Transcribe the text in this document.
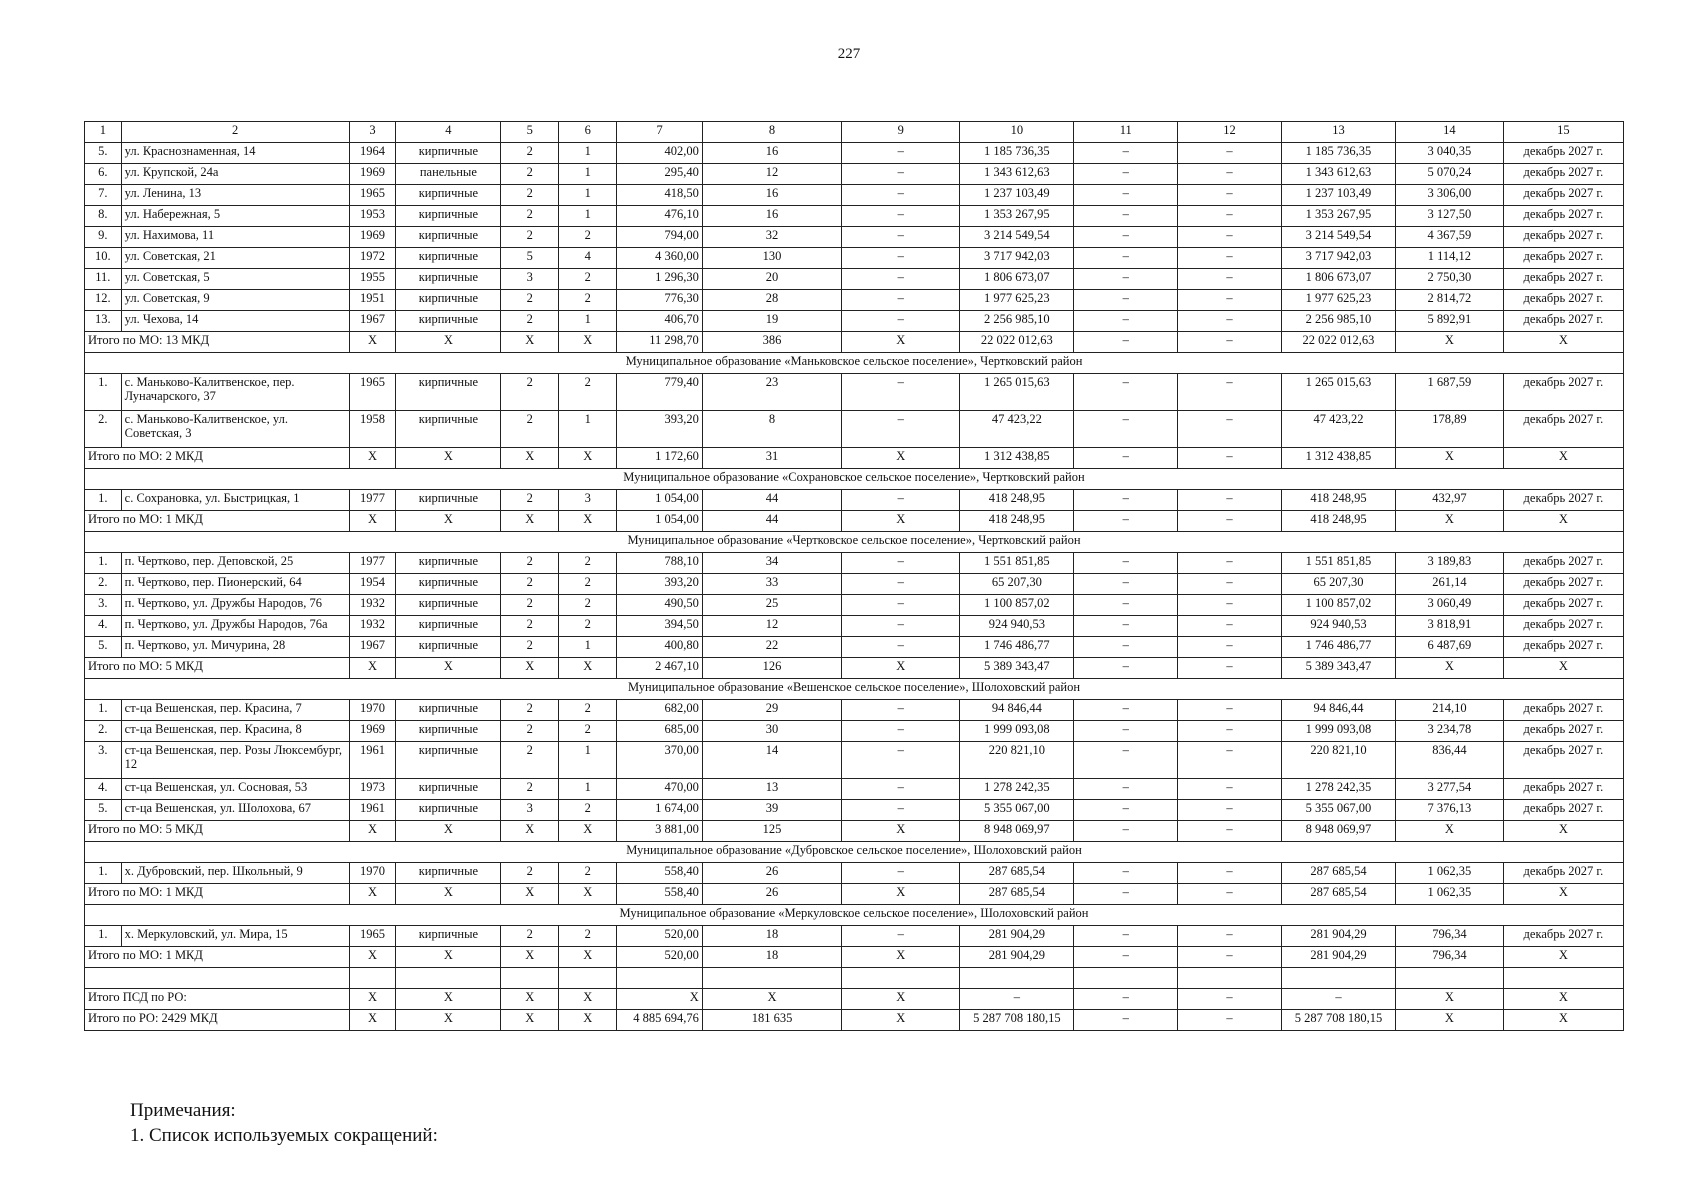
227
1	2	3	4	5	6	7	8	9	10	11	12	13	14	15
5.	ул. Краснознаменная, 14	1964	кирпичные	2	1	402,00	16	–	1 185 736,35	–	–	1 185 736,35	3 040,35	декабрь 2027 г.
6.	ул. Крупской, 24а	1969	панельные	2	1	295,40	12	–	1 343 612,63	–	–	1 343 612,63	5 070,24	декабрь 2027 г.
7.	ул. Ленина, 13	1965	кирпичные	2	1	418,50	16	–	1 237 103,49	–	–	1 237 103,49	3 306,00	декабрь 2027 г.
8.	ул. Набережная, 5	1953	кирпичные	2	1	476,10	16	–	1 353 267,95	–	–	1 353 267,95	3 127,50	декабрь 2027 г.
9.	ул. Нахимова, 11	1969	кирпичные	2	2	794,00	32	–	3 214 549,54	–	–	3 214 549,54	4 367,59	декабрь 2027 г.
10.	ул. Советская, 21	1972	кирпичные	5	4	4 360,00	130	–	3 717 942,03	–	–	3 717 942,03	1 114,12	декабрь 2027 г.
11.	ул. Советская, 5	1955	кирпичные	3	2	1 296,30	20	–	1 806 673,07	–	–	1 806 673,07	2 750,30	декабрь 2027 г.
12.	ул. Советская, 9	1951	кирпичные	2	2	776,30	28	–	1 977 625,23	–	–	1 977 625,23	2 814,72	декабрь 2027 г.
13.	ул. Чехова, 14	1967	кирпичные	2	1	406,70	19	–	2 256 985,10	–	–	2 256 985,10	5 892,91	декабрь 2027 г.
Итого по МО: 13 МКД		X	X	X	X	11 298,70	386	X	22 022 012,63	–	–	22 022 012,63	X	X
Муниципальное образование «Маньковское сельское поселение», Чертковский район														
1.	с. Маньково-Калитвенское, пер. Луначарского, 37	1965	кирпичные	2	2	779,40	23	–	1 265 015,63	–	–	1 265 015,63	1 687,59	декабрь 2027 г.
2.	с. Маньково-Калитвенское, ул. Советская, 3	1958	кирпичные	2	1	393,20	8	–	47 423,22	–	–	47 423,22	178,89	декабрь 2027 г.
Итого по МО: 2 МКД		X	X	X	X	1 172,60	31	X	1 312 438,85	–	–	1 312 438,85	X	X
Муниципальное образование «Сохрановское сельское поселение», Чертковский район														
1.	с. Сохрановка, ул. Быстрицкая, 1	1977	кирпичные	2	3	1 054,00	44	–	418 248,95	–	–	418 248,95	432,97	декабрь 2027 г.
Итого по МО: 1 МКД		X	X	X	X	1 054,00	44	X	418 248,95	–	–	418 248,95	X	X
Муниципальное образование «Чертковское сельское поселение», Чертковский район														
1.	п. Чертково, пер. Деповской, 25	1977	кирпичные	2	2	788,10	34	–	1 551 851,85	–	–	1 551 851,85	3 189,83	декабрь 2027 г.
2.	п. Чертково, пер. Пионерский, 64	1954	кирпичные	2	2	393,20	33	–	65 207,30	–	–	65 207,30	261,14	декабрь 2027 г.
3.	п. Чертково, ул. Дружбы Народов, 76	1932	кирпичные	2	2	490,50	25	–	1 100 857,02	–	–	1 100 857,02	3 060,49	декабрь 2027 г.
4.	п. Чертково, ул. Дружбы Народов, 76а	1932	кирпичные	2	2	394,50	12	–	924 940,53	–	–	924 940,53	3 818,91	декабрь 2027 г.
5.	п. Чертково, ул. Мичурина, 28	1967	кирпичные	2	1	400,80	22	–	1 746 486,77	–	–	1 746 486,77	6 487,69	декабрь 2027 г.
Итого по МО: 5 МКД		X	X	X	X	2 467,10	126	X	5 389 343,47	–	–	5 389 343,47	X	X
Муниципальное образование «Вешенское сельское поселение», Шолоховский район														
1.	ст-ца Вешенская, пер. Красина, 7	1970	кирпичные	2	2	682,00	29	–	94 846,44	–	–	94 846,44	214,10	декабрь 2027 г.
2.	ст-ца Вешенская, пер. Красина, 8	1969	кирпичные	2	2	685,00	30	–	1 999 093,08	–	–	1 999 093,08	3 234,78	декабрь 2027 г.
3.	ст-ца Вешенская, пер. Розы Люксембург, 12	1961	кирпичные	2	1	370,00	14	–	220 821,10	–	–	220 821,10	836,44	декабрь 2027 г.
4.	ст-ца Вешенская, ул. Сосновая, 53	1973	кирпичные	2	1	470,00	13	–	1 278 242,35	–	–	1 278 242,35	3 277,54	декабрь 2027 г.
5.	ст-ца Вешенская, ул. Шолохова, 67	1961	кирпичные	3	2	1 674,00	39	–	5 355 067,00	–	–	5 355 067,00	7 376,13	декабрь 2027 г.
Итого по МО: 5 МКД		X	X	X	X	3 881,00	125	X	8 948 069,97	–	–	8 948 069,97	X	X
Муниципальное образование «Дубровское сельское поселение», Шолоховский район														
1.	х. Дубровский, пер. Школьный, 9	1970	кирпичные	2	2	558,40	26	–	287 685,54	–	–	287 685,54	1 062,35	декабрь 2027 г.
Итого по МО: 1 МКД		X	X	X	X	558,40	26	X	287 685,54	–	–	287 685,54	1 062,35	X
Муниципальное образование «Меркуловское сельское поселение», Шолоховский район														
1.	х. Меркуловский, ул. Мира, 15	1965	кирпичные	2	2	520,00	18	–	281 904,29	–	–	281 904,29	796,34	декабрь 2027 г.
Итого по МО: 1 МКД		X	X	X	X	520,00	18	X	281 904,29	–	–	281 904,29	796,34	X

Итого ПСД по РО:		X	X	X	X	X	X	X	–	–	–	–	X	X
Итого по РО: 2429 МКД		X	X	X	X	4 885 694,76	181 635	X	5 287 708 180,15	–	–	5 287 708 180,15	X	X
Примечания:
1. Список используемых сокращений:
